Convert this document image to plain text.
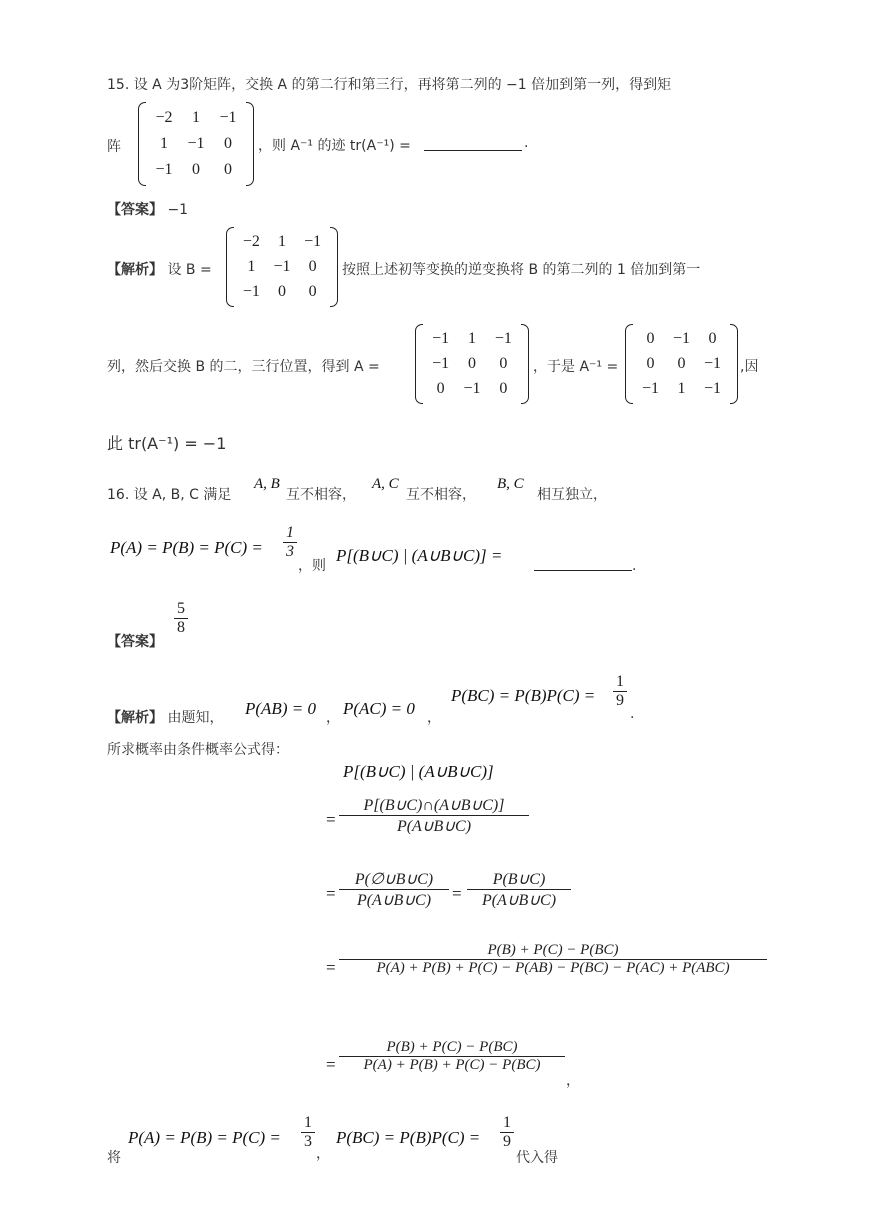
15. 设 A 为3阶矩阵，交换 A 的第二行和第三行，再将第二列的 −1 倍加到第一列，得到矩
阵
−2	1	−1
1	−1	0
−1	0	0
，则 A⁻¹ 的迹 tr(A⁻¹) =	.
【答案】 −1
【解析】 设 B =
−2	1	−1
1	−1	0
−1	0	0
按照上述初等变换的逆变换将 B 的第二列的 1 倍加到第一
列，然后交换 B 的二，三行位置，得到 A =
−1	1	−1
−1	0	0
0	−1	0
，于是 A⁻¹ =
0	−1	0
0	0	−1
−1	1	−1
,因
此 tr(A⁻¹) = −1
16. 设 A, B, C 满足
A, B
互不相容，
A, C
互不相容，
B, C
相互独立，
$P(A) = P(B) = P(C) = \frac{1}{3}$
，则
P[(B∪C) | (A∪B∪C)] =
.
【答案】
$\frac{5}{8}$
【解析】 由题知， P(AB) = 0 ， P(AC) = 0 ，
$P(BC) = P(B)P(C) = \frac{1}{9}$
.
所求概率由条件概率公式得：
P[(B∪C) | (A∪B∪C)]
= $\frac{P[(B\cup C)\cap(A\cup B\cup C)]}{P(A\cup B\cup C)}$
= $\frac{P(\emptyset\cup B\cup C)}{P(A\cup B\cup C)} = \frac{P(B\cup C)}{P(A\cup B\cup C)}$
=
P(B) + P(C) − P(BC)
P(A) + P(B) + P(C) − P(AB) − P(BC) − P(AC) + P(ABC)
= $\frac{P(B) + P(C) - P(BC)}{P(A) + P(B) + P(C) - P(BC)}$
，
将
$P(A) = P(B) = P(C) = \frac{1}{3}$
，
$P(BC) = P(B)P(C) = \frac{1}{9}$
代入得
